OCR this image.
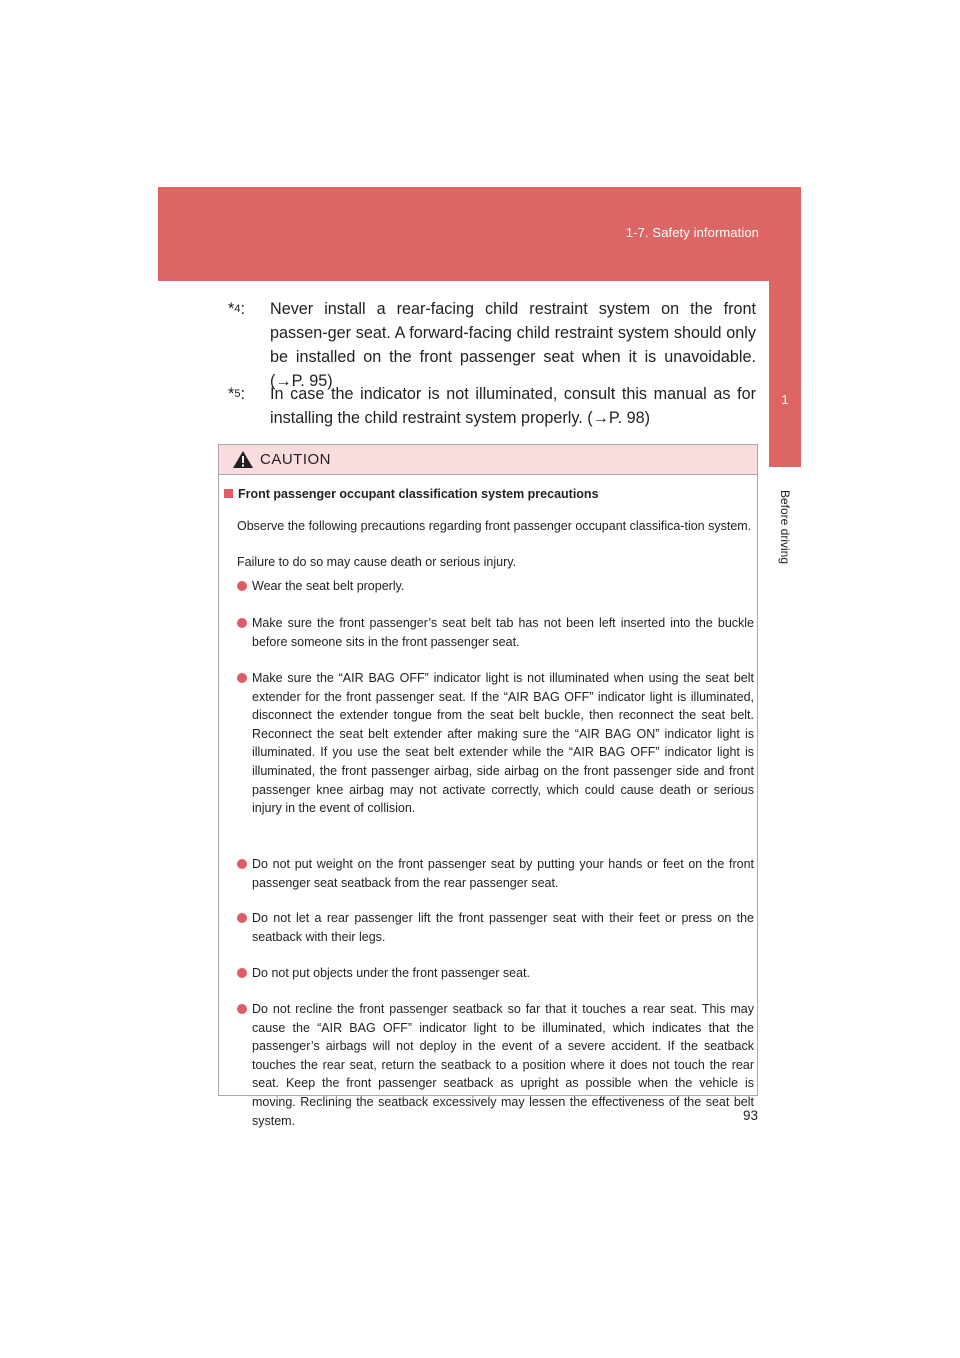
1-7. Safety information
1
Before driving
*$^4$:	Never install a rear-facing child restraint system on the front passen-ger seat. A forward-facing child restraint system should only be installed on the front passenger seat when it is unavoidable. (→P. 95)
*$^5$:	In case the indicator is not illuminated, consult this manual as for installing the child restraint system properly. (→P. 98)
CAUTION
Front passenger occupant classification system precautions
Observe the following precautions regarding front passenger occupant classifica-tion system.
Failure to do so may cause death or serious injury.
Wear the seat belt properly.
Make sure the front passenger’s seat belt tab has not been left inserted into the buckle before someone sits in the front passenger seat.
Make sure the “AIR BAG OFF” indicator light is not illuminated when using the seat belt extender for the front passenger seat. If the “AIR BAG OFF” indicator light is illuminated, disconnect the extender tongue from the seat belt buckle, then reconnect the seat belt. Reconnect the seat belt extender after making sure the “AIR BAG ON” indicator light is illuminated. If you use the seat belt extender while the “AIR BAG OFF” indicator light is illuminated, the front passenger airbag, side airbag on the front passenger side and front passenger knee airbag may not activate correctly, which could cause death or serious injury in the event of collision.
Do not put weight on the front passenger seat by putting your hands or feet on the front passenger seat seatback from the rear passenger seat.
Do not let a rear passenger lift the front passenger seat with their feet or press on the seatback with their legs.
Do not put objects under the front passenger seat.
Do not recline the front passenger seatback so far that it touches a rear seat. This may cause the “AIR BAG OFF” indicator light to be illuminated, which indicates that the passenger’s airbags will not deploy in the event of a severe accident. If the seatback touches the rear seat, return the seatback to a position where it does not touch the rear seat. Keep the front passenger seatback as upright as possible when the vehicle is moving. Reclining the seatback excessively may lessen the effectiveness of the seat belt system.	93
